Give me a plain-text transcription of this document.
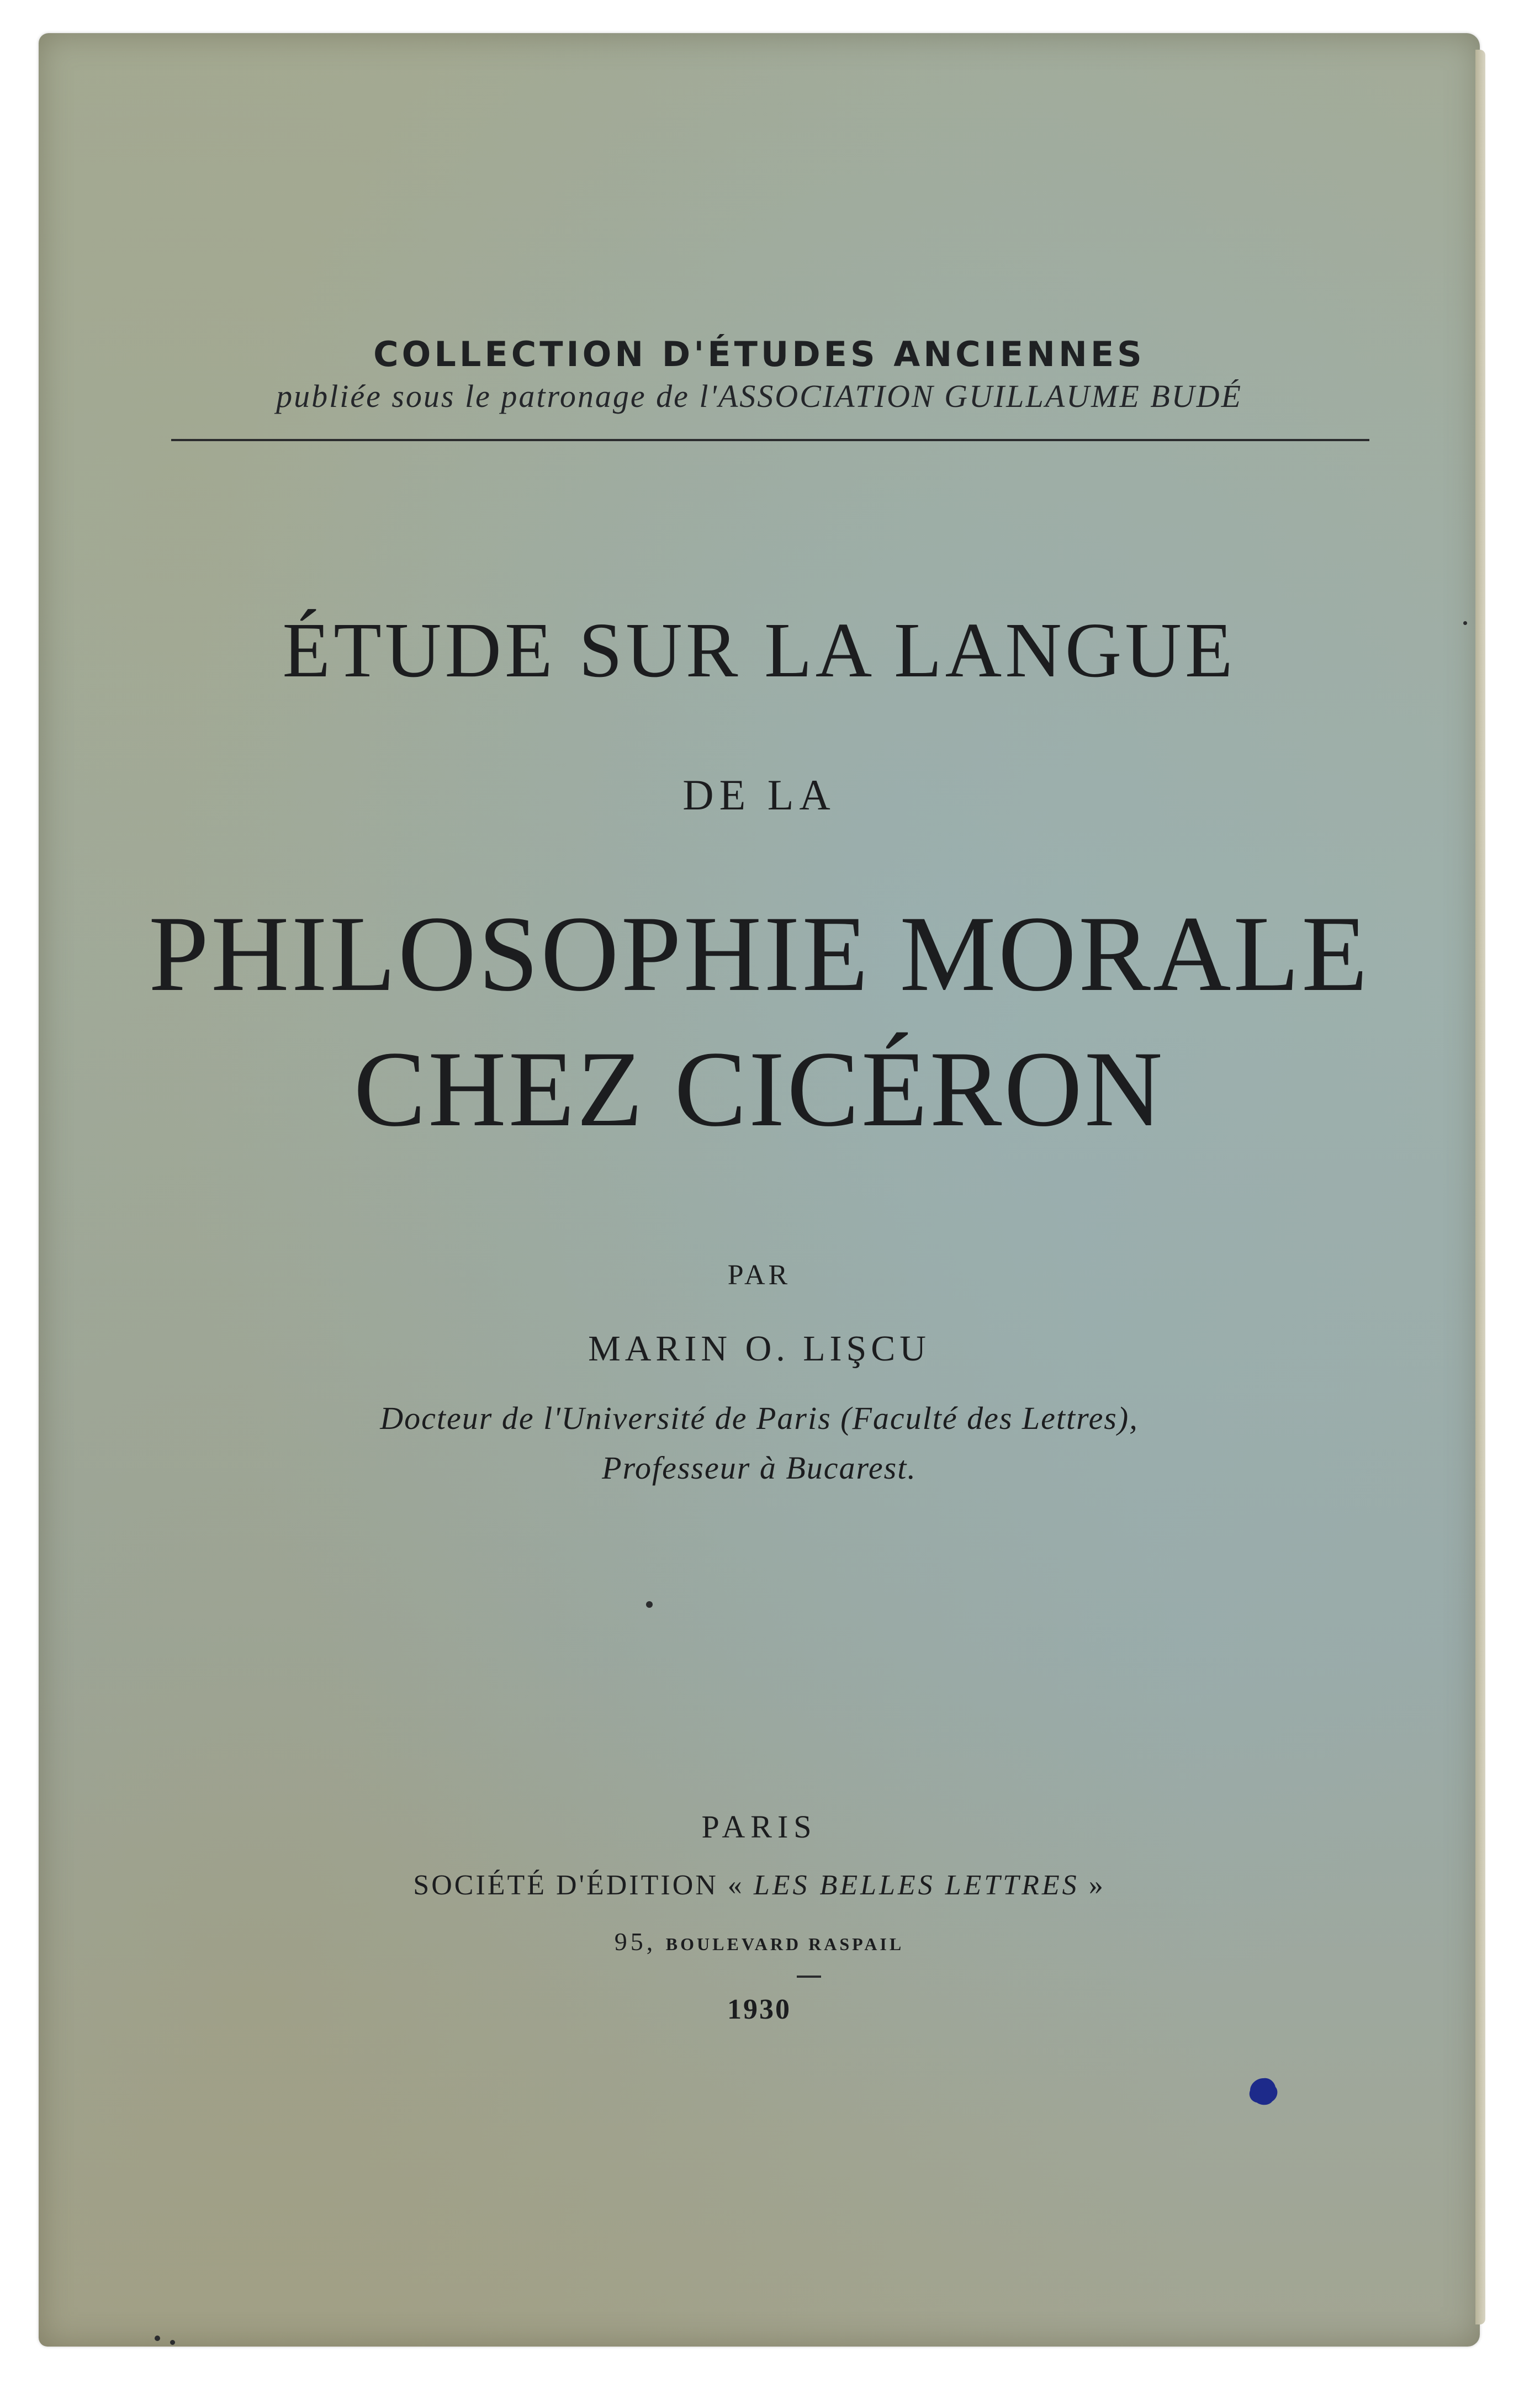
COLLECTION D'ÉTUDES ANCIENNES
publiée sous le patronage de l'ASSOCIATION GUILLAUME BUDÉ
ÉTUDE SUR LA LANGUE
DE LA
PHILOSOPHIE MORALE
CHEZ CICÉRON
PAR
MARIN O. LIŞCU
Docteur de l'Université de Paris (Faculté des Lettres),
Professeur à Bucarest.
PARIS
SOCIÉTÉ D'ÉDITION « LES BELLES LETTRES »
95, BOULEVARD RASPAIL
1930
